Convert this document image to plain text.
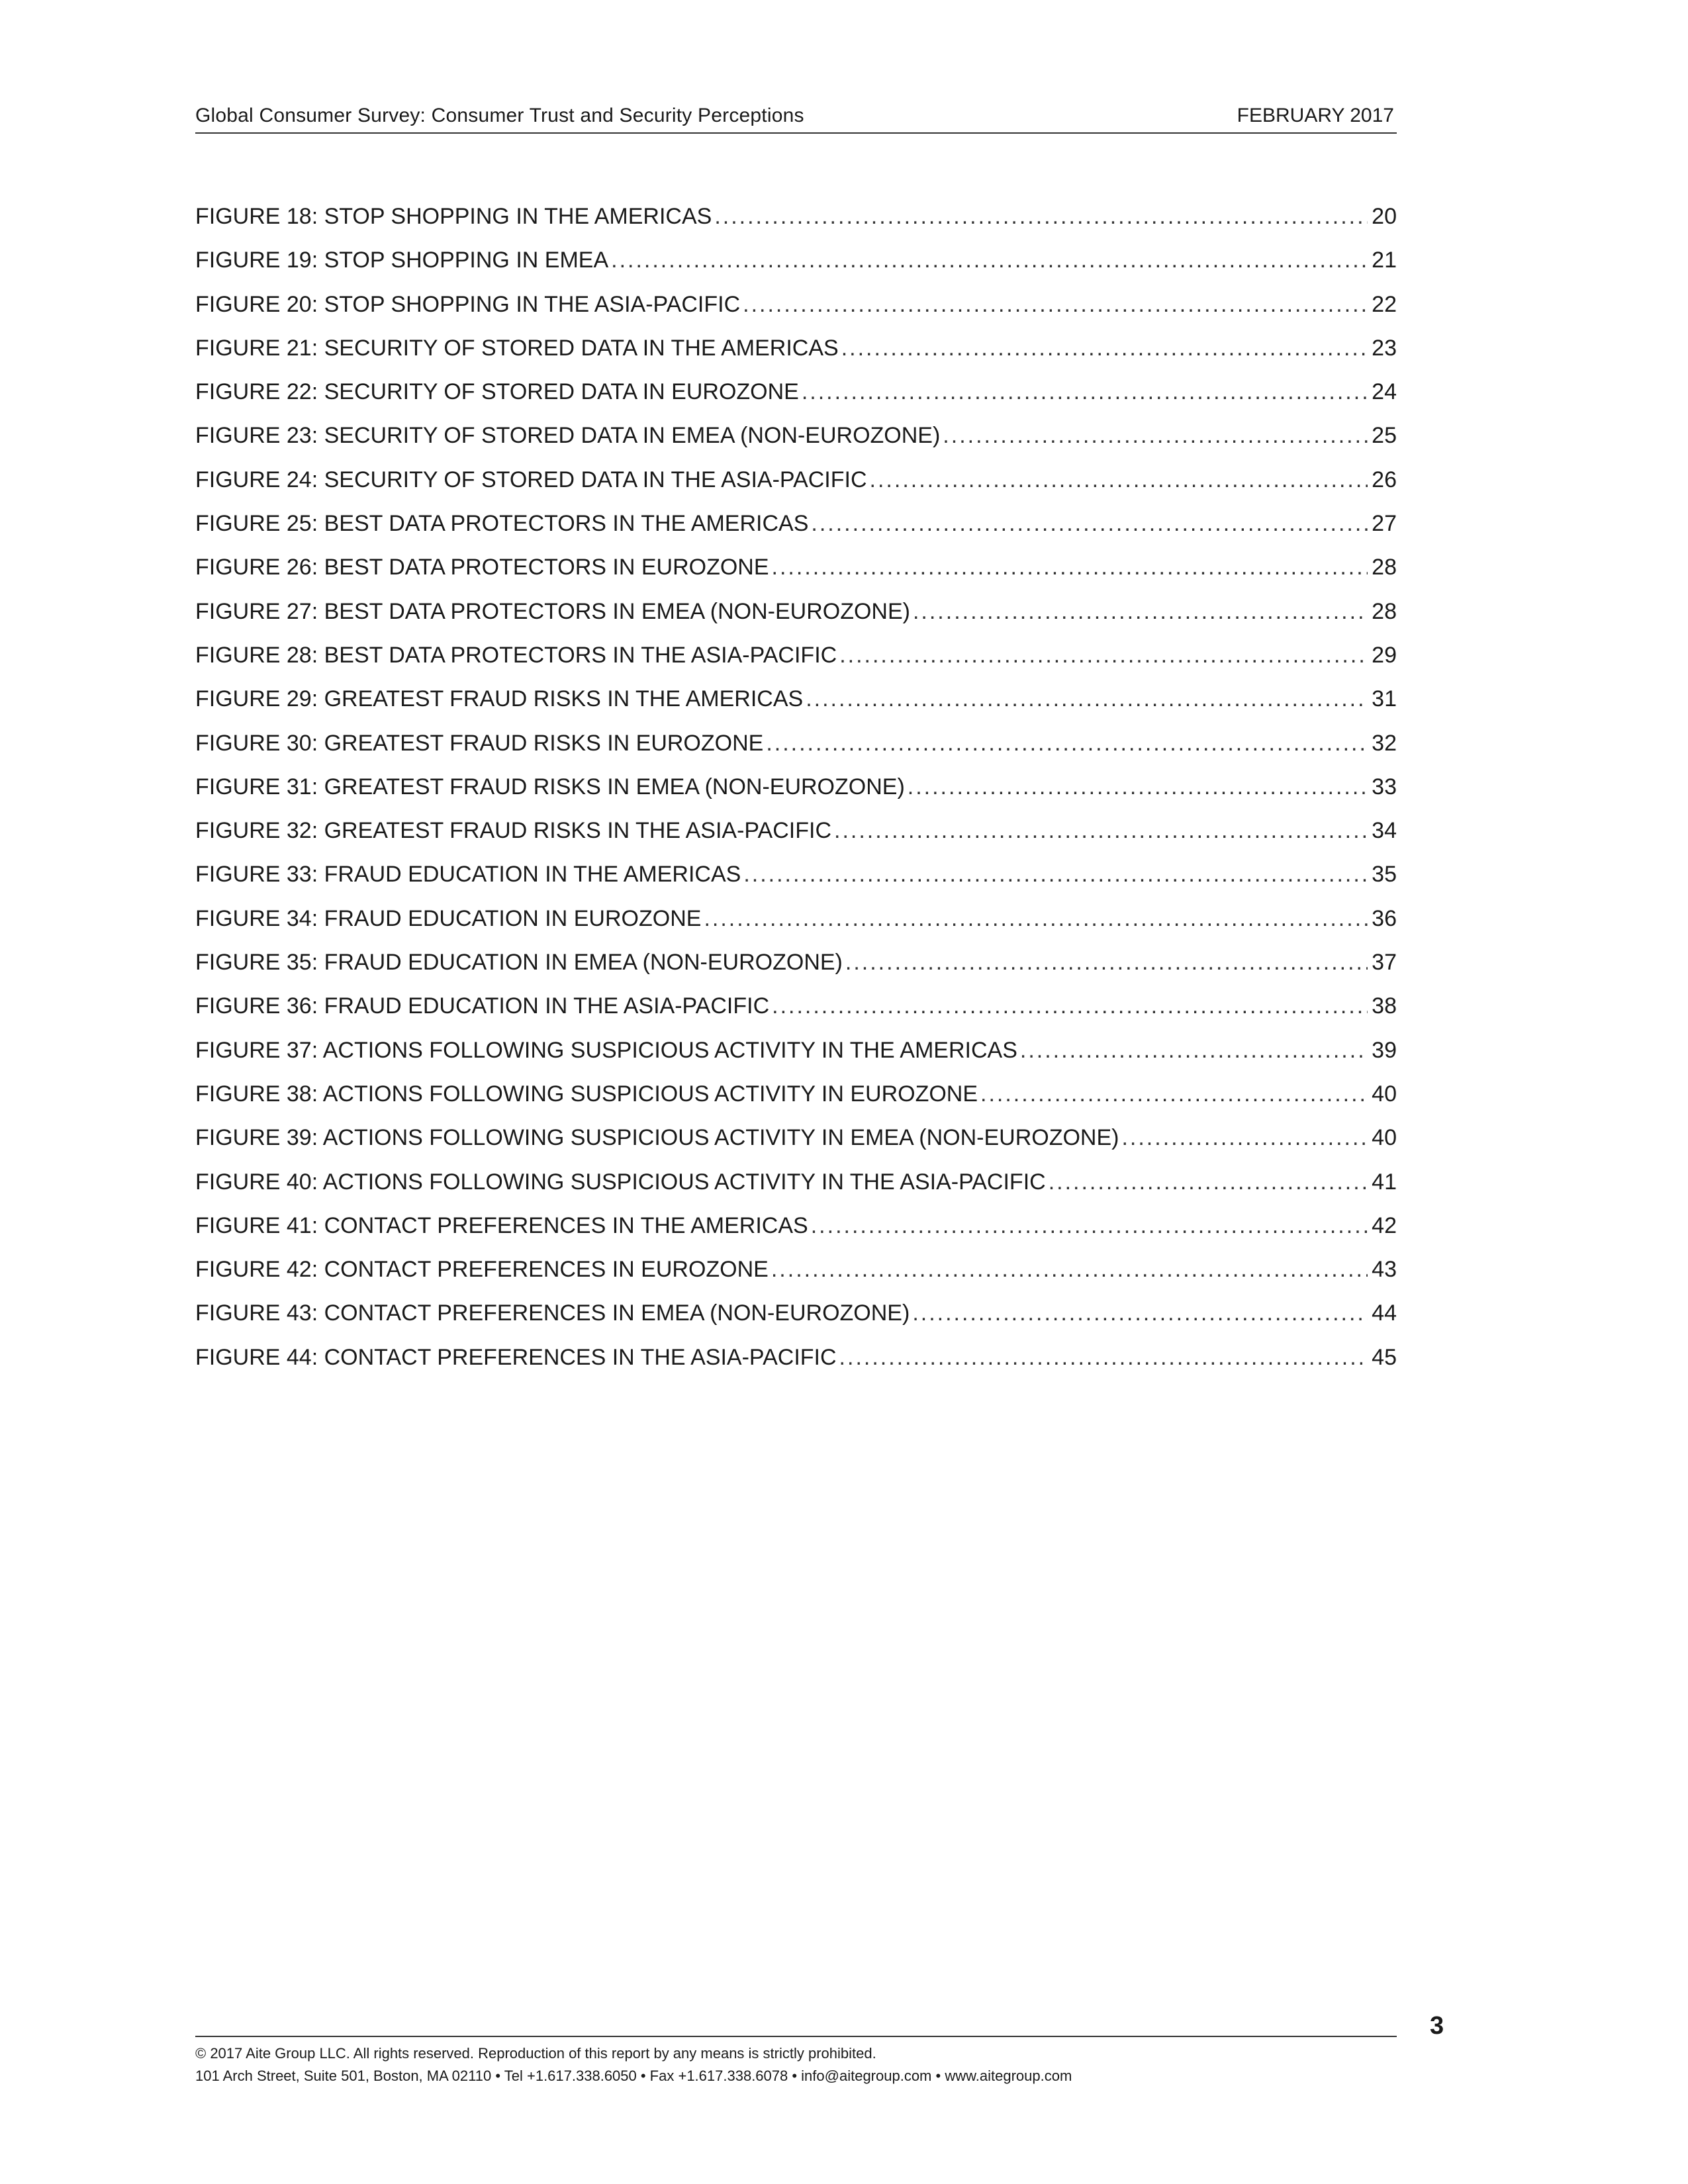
Global Consumer Survey: Consumer Trust and Security Perceptions	FEBRUARY 2017
FIGURE 18: STOP SHOPPING IN THE AMERICAS .....	20
FIGURE 19: STOP SHOPPING IN EMEA .....	21
FIGURE 20: STOP SHOPPING IN THE ASIA-PACIFIC .....	22
FIGURE 21: SECURITY OF STORED DATA IN THE AMERICAS .....	23
FIGURE 22: SECURITY OF STORED DATA IN EUROZONE .....	24
FIGURE 23: SECURITY OF STORED DATA IN EMEA (NON-EUROZONE) .....	25
FIGURE 24: SECURITY OF STORED DATA IN THE ASIA-PACIFIC .....	26
FIGURE 25: BEST DATA PROTECTORS IN THE AMERICAS .....	27
FIGURE 26: BEST DATA PROTECTORS IN EUROZONE .....	28
FIGURE 27: BEST DATA PROTECTORS IN EMEA (NON-EUROZONE) .....	28
FIGURE 28: BEST DATA PROTECTORS IN THE ASIA-PACIFIC .....	29
FIGURE 29: GREATEST FRAUD RISKS IN THE AMERICAS .....	31
FIGURE 30: GREATEST FRAUD RISKS IN EUROZONE .....	32
FIGURE 31: GREATEST FRAUD RISKS IN EMEA (NON-EUROZONE) .....	33
FIGURE 32: GREATEST FRAUD RISKS IN THE ASIA-PACIFIC .....	34
FIGURE 33: FRAUD EDUCATION IN THE AMERICAS .....	35
FIGURE 34: FRAUD EDUCATION IN EUROZONE .....	36
FIGURE 35: FRAUD EDUCATION IN EMEA (NON-EUROZONE) .....	37
FIGURE 36: FRAUD EDUCATION IN THE ASIA-PACIFIC .....	38
FIGURE 37: ACTIONS FOLLOWING SUSPICIOUS ACTIVITY IN THE AMERICAS .....	39
FIGURE 38: ACTIONS FOLLOWING SUSPICIOUS ACTIVITY IN EUROZONE .....	40
FIGURE 39: ACTIONS FOLLOWING SUSPICIOUS ACTIVITY IN EMEA (NON-EUROZONE) .....	40
FIGURE 40: ACTIONS FOLLOWING SUSPICIOUS ACTIVITY IN THE ASIA-PACIFIC .....	41
FIGURE 41: CONTACT PREFERENCES IN THE AMERICAS .....	42
FIGURE 42: CONTACT PREFERENCES IN EUROZONE .....	43
FIGURE 43: CONTACT PREFERENCES IN EMEA (NON-EUROZONE) .....	44
FIGURE 44: CONTACT PREFERENCES IN THE ASIA-PACIFIC .....	45
© 2017 Aite Group LLC. All rights reserved. Reproduction of this report by any means is strictly prohibited.
101 Arch Street, Suite 501, Boston, MA 02110 • Tel +1.617.338.6050 • Fax +1.617.338.6078 • info@aitegroup.com • www.aitegroup.com
3
